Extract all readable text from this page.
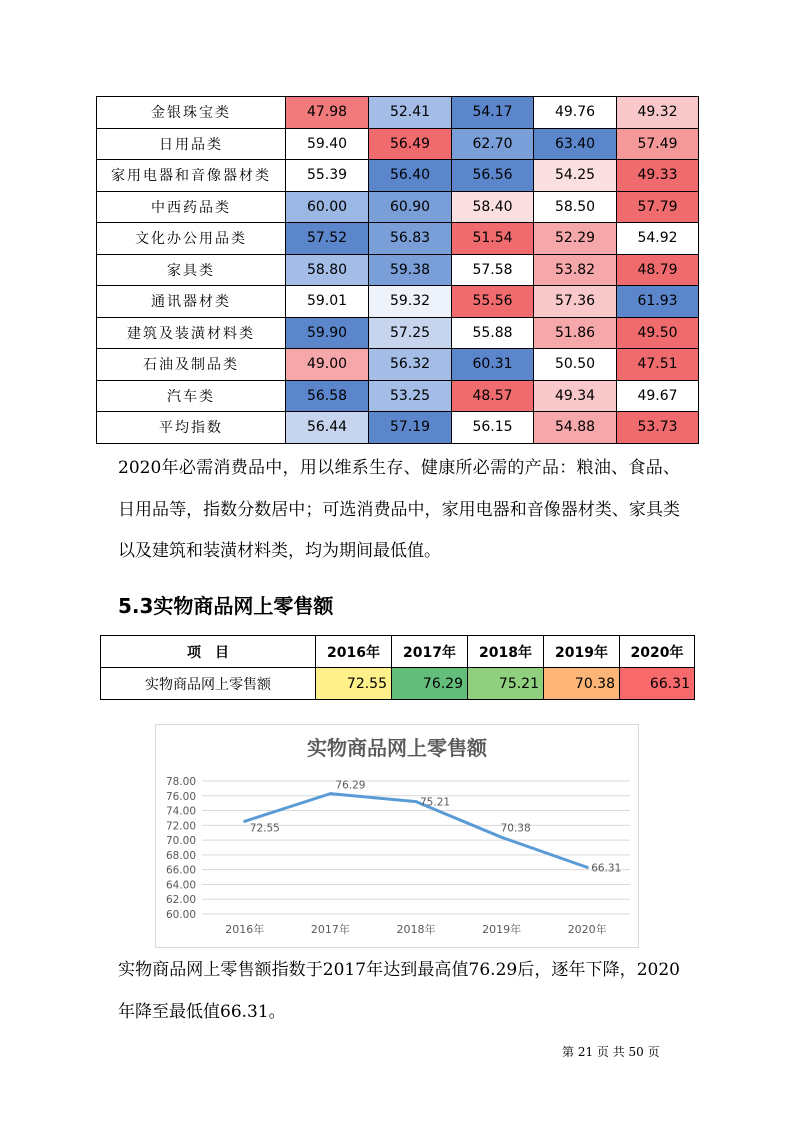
金银珠宝类	47.98	52.41	54.17	49.76	49.32
日用品类	59.40	56.49	62.70	63.40	57.49
家用电器和音像器材类	55.39	56.40	56.56	54.25	49.33
中西药品类	60.00	60.90	58.40	58.50	57.79
文化办公用品类	57.52	56.83	51.54	52.29	54.92
家具类	58.80	59.38	57.58	53.82	48.79
通讯器材类	59.01	59.32	55.56	57.36	61.93
建筑及装潢材料类	59.90	57.25	55.88	51.86	49.50
石油及制品类	49.00	56.32	60.31	50.50	47.51
汽车类	56.58	53.25	48.57	49.34	49.67
平均指数	56.44	57.19	56.15	54.88	53.73

2020年必需消费品中，用以维系生存、健康所必需的产品：粮油、食品、日用品等，指数分数居中；可选消费品中，家用电器和音像器材类、家具类以及建筑和装潢材料类，均为期间最低值。

5.3实物商品网上零售额
项　目	2016年	2017年	2018年	2019年	2020年
实物商品网上零售额	72.55	76.29	75.21	70.38	66.31
实物商品网上零售额
78.00
76.00
74.00
72.00
70.00
68.00
66.00
64.00
62.00
60.00
2016年	2017年	2018年	2019年	2020年
72.55
76.29
75.21
70.38
66.31

实物商品网上零售额指数于2017年达到最高值76.29后，逐年下降，2020年降至最低值66.31。

第 21 页 共 50 页
